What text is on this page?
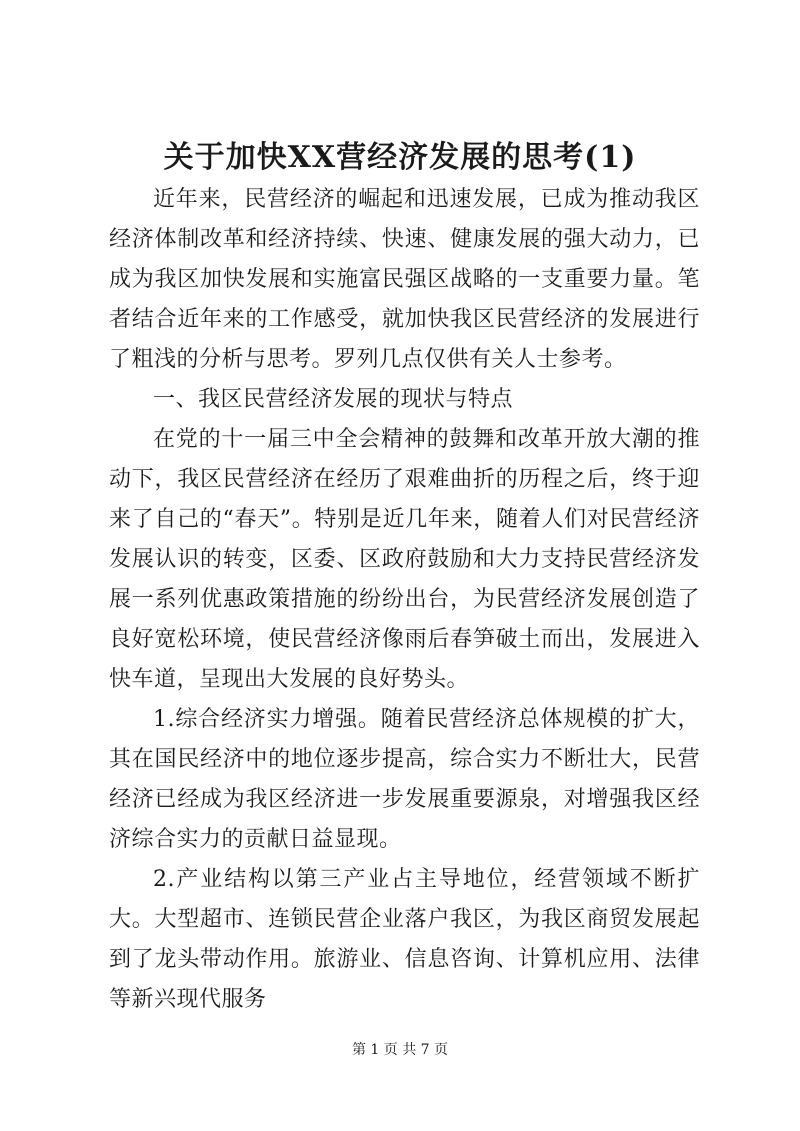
关于加快XX营经济发展的思考(1)

近年来，民营经济的崛起和迅速发展，已成为推动我区经济体制改革和经济持续、快速、健康发展的强大动力，已成为我区加快发展和实施富民强区战略的一支重要力量。笔者结合近年来的工作感受，就加快我区民营经济的发展进行了粗浅的分析与思考。罗列几点仅供有关人士参考。

一、我区民营经济发展的现状与特点

在党的十一届三中全会精神的鼓舞和改革开放大潮的推动下，我区民营经济在经历了艰难曲折的历程之后，终于迎来了自己的“春天”。特别是近几年来，随着人们对民营经济发展认识的转变，区委、区政府鼓励和大力支持民营经济发展一系列优惠政策措施的纷纷出台，为民营经济发展创造了良好宽松环境，使民营经济像雨后春笋破土而出，发展进入快车道，呈现出大发展的良好势头。

1.综合经济实力增强。随着民营经济总体规模的扩大，其在国民经济中的地位逐步提高，综合实力不断壮大，民营经济已经成为我区经济进一步发展重要源泉，对增强我区经济综合实力的贡献日益显现。

2.产业结构以第三产业占主导地位，经营领域不断扩大。大型超市、连锁民营企业落户我区，为我区商贸发展起到了龙头带动作用。旅游业、信息咨询、计算机应用、法律等新兴现代服务

第 1 页 共 7 页
